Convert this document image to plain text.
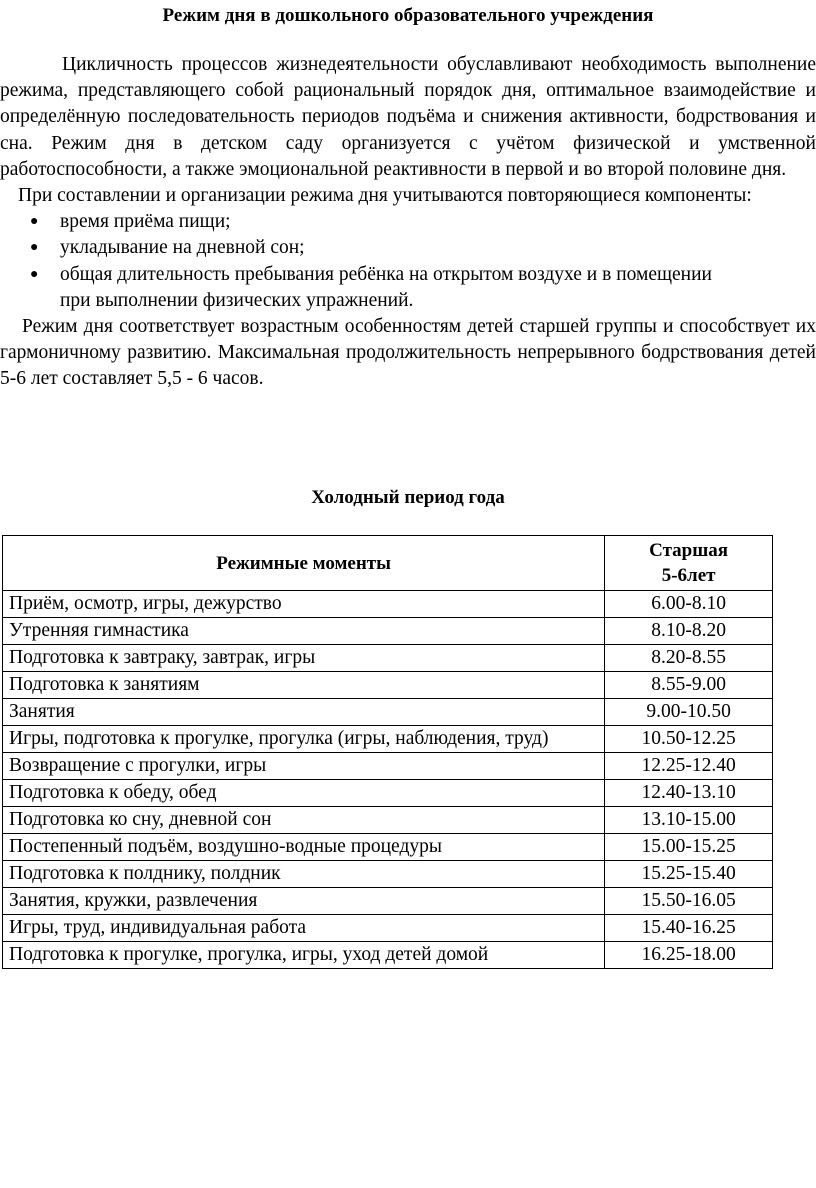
Режим дня в дошкольного образовательного учреждения

Цикличность процессов жизнедеятельности обуславливают необходимость выполнение режима, представляющего собой рациональный порядок дня, оптимальное взаимодействие и определённую последовательность периодов подъёма и снижения активности, бодрствования и сна. Режим дня в детском саду организуется с учётом физической и умственной работоспособности, а также эмоциональной реактивности в первой и во второй половине дня.

При составлении и организации режима дня учитываются повторяющиеся компоненты:

● время приёма пищи;
● укладывание на дневной сон;
● общая длительность пребывания ребёнка на открытом воздухе и в помещении при выполнении физических упражнений.

Режим дня соответствует возрастным особенностям детей старшей группы и способствует их гармоничному развитию. Максимальная продолжительность непрерывного бодрствования детей 5-6 лет составляет 5,5 - 6 часов.

Холодный период года
Режимные моменты	Старшая
5-6лет	
Приём, осмотр, игры, дежурство	6.00-8.10	
Утренняя гимнастика	8.10-8.20	
Подготовка к завтраку, завтрак, игры	8.20-8.55	
Подготовка к занятиям	8.55-9.00	
Занятия	9.00-10.50	
Игры, подготовка к прогулке, прогулка (игры, наблюдения, труд)	10.50-12.25	
Возвращение с прогулки, игры	12.25-12.40	
Подготовка к обеду, обед	12.40-13.10	
Подготовка ко сну, дневной сон	13.10-15.00	
Постепенный подъём, воздушно-водные процедуры	15.00-15.25	
Подготовка к полднику, полдник	15.25-15.40	
Занятия, кружки, развлечения	15.50-16.05	
Игры, труд, индивидуальная работа	15.40-16.25	
Подготовка к прогулке, прогулка, игры, уход детей домой	16.25-18.00	
